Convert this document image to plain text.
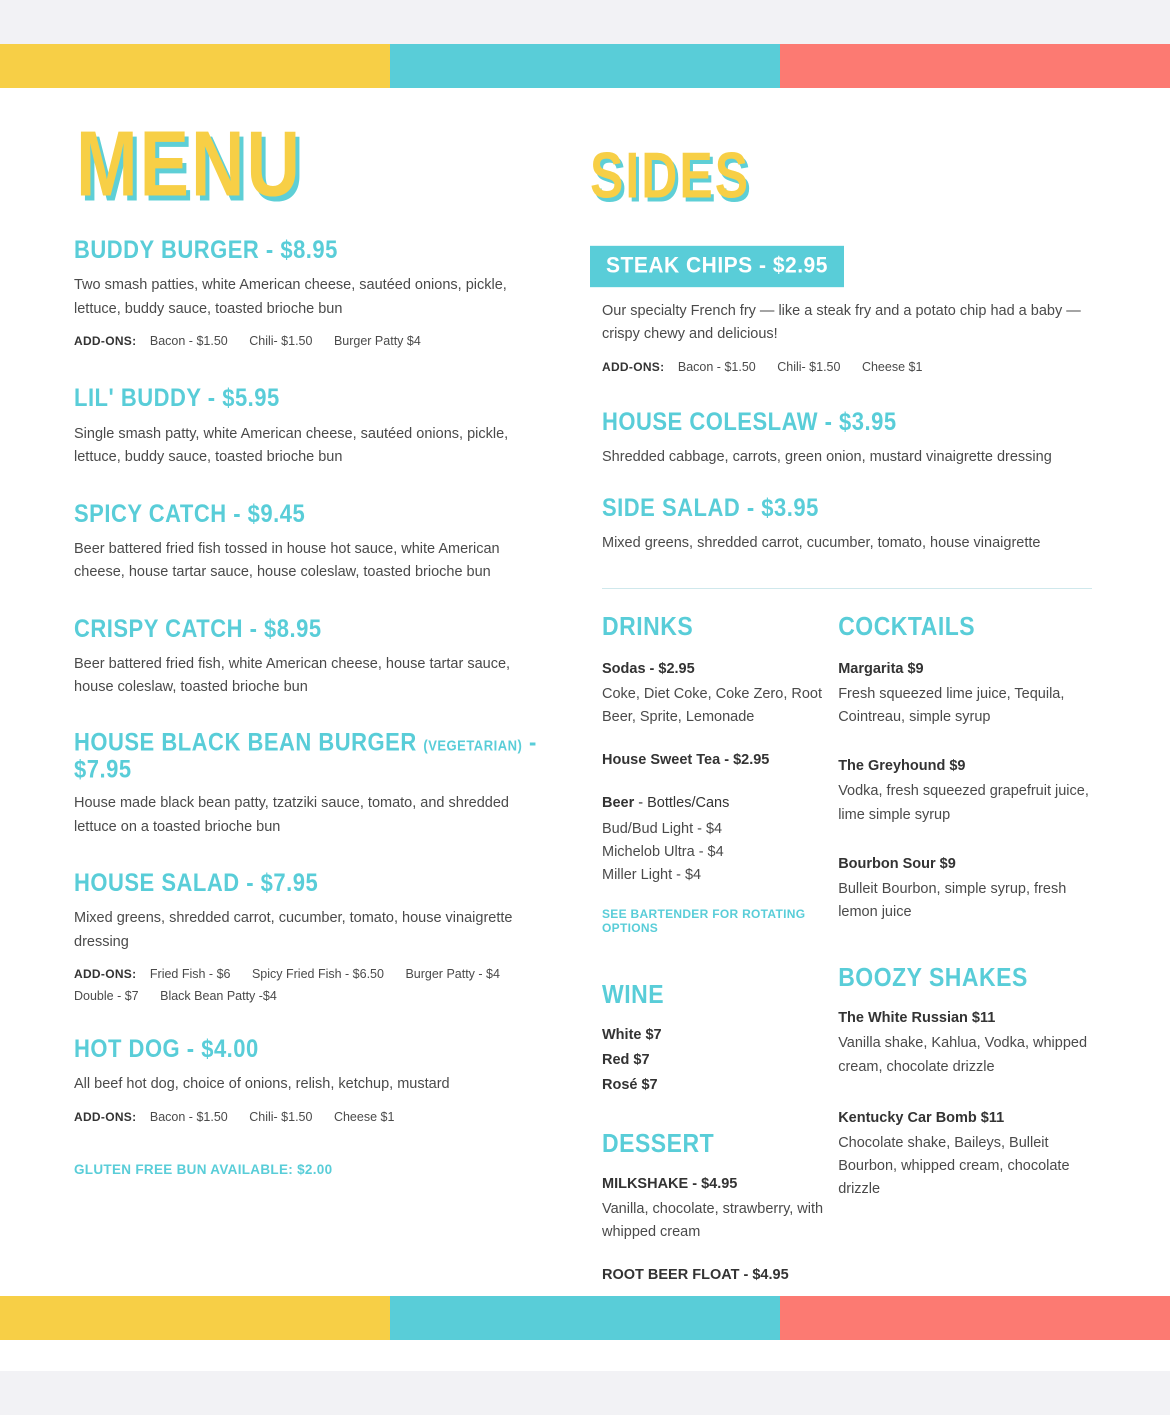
MENU
BUDDY BURGER - $8.95

Two smash patties, white American cheese, sautéed onions, pickle, lettuce, buddy sauce, toasted brioche bun

ADD-ONS: Bacon - $1.50 Chili- $1.50 Burger Patty $4
LIL' BUDDY - $5.95

Single smash patty, white American cheese, sautéed onions, pickle, lettuce, buddy sauce, toasted brioche bun

SPICY CATCH - $9.45

Beer battered fried fish tossed in house hot sauce, white American cheese, house tartar sauce, house coleslaw, toasted brioche bun

CRISPY CATCH - $8.95

Beer battered fried fish, white American cheese, house tartar sauce, house coleslaw, toasted brioche bun

HOUSE BLACK BEAN BURGER (VEGETARIAN) - $7.95

House made black bean patty, tzatziki sauce, tomato, and shredded lettuce on a toasted brioche bun

HOUSE SALAD - $7.95

Mixed greens, shredded carrot, cucumber, tomato, house vinaigrette dressing

ADD-ONS: Fried Fish - $6 Spicy Fried Fish - $6.50 Burger Patty - $4 Double - $7 Black Bean Patty -$4
HOT DOG - $4.00

All beef hot dog, choice of onions, relish, ketchup, mustard

ADD-ONS: Bacon - $1.50 Chili- $1.50 Cheese $1
GLUTEN FREE BUN AVAILABLE: $2.00
SIDES
STEAK CHIPS - $2.95

Our specialty French fry — like a steak fry and a potato chip had a baby — crispy chewy and delicious!

ADD-ONS: Bacon - $1.50 Chili- $1.50 Cheese $1
HOUSE COLESLAW - $3.95

Shredded cabbage, carrots, green onion, mustard vinaigrette dressing

SIDE SALAD - $3.95

Mixed greens, shredded carrot, cucumber, tomato, house vinaigrette

DRINKS

Sodas - $2.95

Coke, Diet Coke, Coke Zero, Root Beer, Sprite, Lemonade

House Sweet Tea - $2.95

Beer - Bottles/Cans

Bud/Bud Light - $4

Michelob Ultra - $4

Miller Light - $4

SEE BARTENDER FOR ROTATING OPTIONS

WINE

White $7

Red $7

Rosé $7

DESSERT

MILKSHAKE - $4.95

Vanilla, chocolate, strawberry, with whipped cream

ROOT BEER FLOAT - $4.95

COCKTAILS

Margarita $9

Fresh squeezed lime juice, Tequila, Cointreau, simple syrup

The Greyhound $9

Vodka, fresh squeezed grapefruit juice, lime simple syrup

Bourbon Sour $9

Bulleit Bourbon, simple syrup, fresh lemon juice

BOOZY SHAKES

The White Russian $11

Vanilla shake, Kahlua, Vodka, whipped cream, chocolate drizzle

Kentucky Car Bomb $11

Chocolate shake, Baileys, Bulleit Bourbon, whipped cream, chocolate drizzle
